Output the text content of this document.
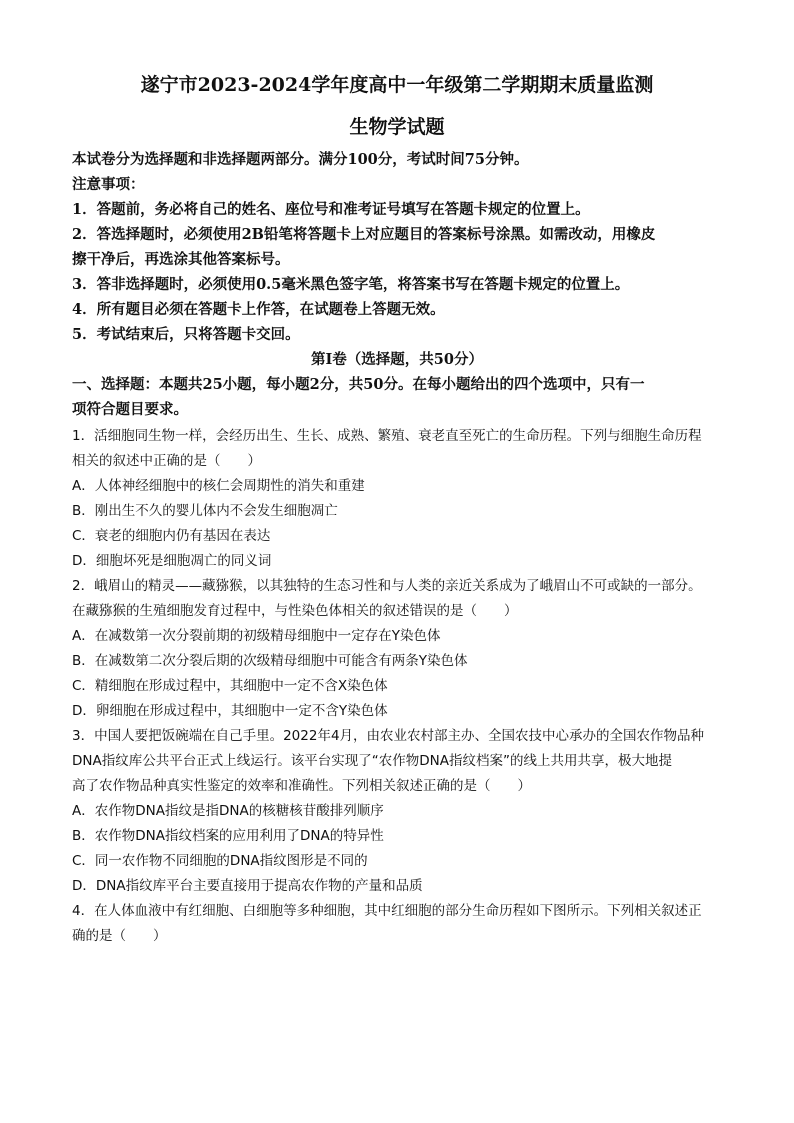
遂宁市2023-2024学年度高中一年级第二学期期末质量监测
生物学试题
本试卷分为选择题和非选择题两部分。满分100分，考试时间75分钟。
注意事项：
1．答题前，务必将自己的姓名、座位号和准考证号填写在答题卡规定的位置上。
2．答选择题时，必须使用2B铅笔将答题卡上对应题目的答案标号涂黑。如需改动，用橡皮
擦干净后，再选涂其他答案标号。
3．答非选择题时，必须使用0.5毫米黑色签字笔，将答案书写在答题卡规定的位置上。
4．所有题目必须在答题卡上作答，在试题卷上答题无效。
5．考试结束后，只将答题卡交回。
第I卷（选择题，共50分）
一、选择题：本题共25小题，每小题2分，共50分。在每小题给出的四个选项中，只有一
项符合题目要求。
1．活细胞同生物一样，会经历出生、生长、成熟、繁殖、衰老直至死亡的生命历程。下列与细胞生命历程
相关的叙述中正确的是（　　）
A．人体神经细胞中的核仁会周期性的消失和重建
B．刚出生不久的婴儿体内不会发生细胞凋亡
C．衰老的细胞内仍有基因在表达
D．细胞坏死是细胞凋亡的同义词
2．峨眉山的精灵——藏猕猴，以其独特的生态习性和与人类的亲近关系成为了峨眉山不可或缺的一部分。
在藏猕猴的生殖细胞发育过程中，与性染色体相关的叙述错误的是（　　）
A．在减数第一次分裂前期的初级精母细胞中一定存在Y染色体
B．在减数第二次分裂后期的次级精母细胞中可能含有两条Y染色体
C．精细胞在形成过程中，其细胞中一定不含X染色体
D．卵细胞在形成过程中，其细胞中一定不含Y染色体
3．中国人要把饭碗端在自己手里。2022年4月，由农业农村部主办、全国农技中心承办的全国农作物品种
DNA指纹库公共平台正式上线运行。该平台实现了“农作物DNA指纹档案”的线上共用共享，极大地提
高了农作物品种真实性鉴定的效率和准确性。下列相关叙述正确的是（　　）
A．农作物DNA指纹是指DNA的核糖核苷酸排列顺序
B．农作物DNA指纹档案的应用利用了DNA的特异性
C．同一农作物不同细胞的DNA指纹图形是不同的
D．DNA指纹库平台主要直接用于提高农作物的产量和品质
4．在人体血液中有红细胞、白细胞等多种细胞，其中红细胞的部分生命历程如下图所示。下列相关叙述正
确的是（　　）
